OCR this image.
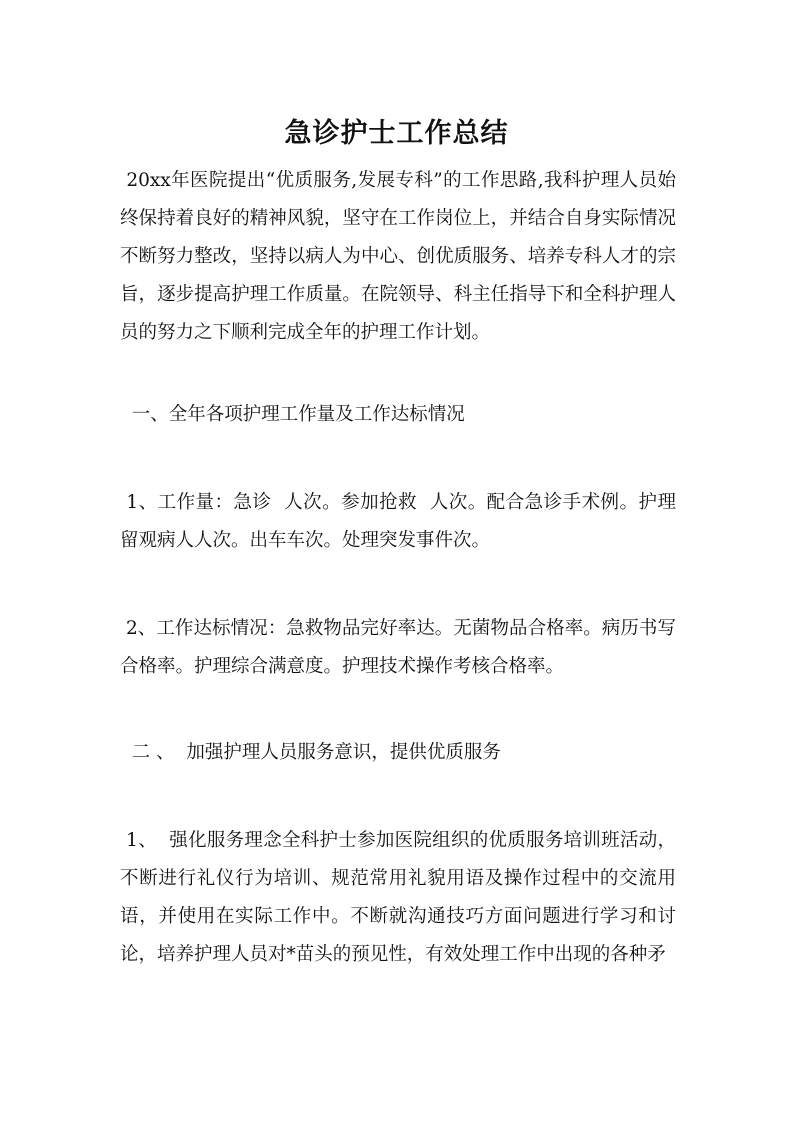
急诊护士工作总结

20xx年医院提出“优质服务,发展专科”的工作思路,我科护理人员始终保持着良好的精神风貌，坚守在工作岗位上，并结合自身实际情况不断努力整改，坚持以病人为中心、创优质服务、培养专科人才的宗旨，逐步提高护理工作质量。在院领导、科主任指导下和全科护理人员的努力之下顺利完成全年的护理工作计划。

一、全年各项护理工作量及工作达标情况

1、工作量：急诊  人次。参加抢救  人次。配合急诊手术例。护理留观病人人次。出车车次。处理突发事件次。

2、工作达标情况：急救物品完好率达。无菌物品合格率。病历书写合格率。护理综合满意度。护理技术操作考核合格率。

二 、  加强护理人员服务意识，提供优质服务

1、  强化服务理念全科护士参加医院组织的优质服务培训班活动，不断进行礼仪行为培训、规范常用礼貌用语及操作过程中的交流用语，并使用在实际工作中。不断就沟通技巧方面问题进行学习和讨论，培养护理人员对*苗头的预见性，有效处理工作中出现的各种矛
